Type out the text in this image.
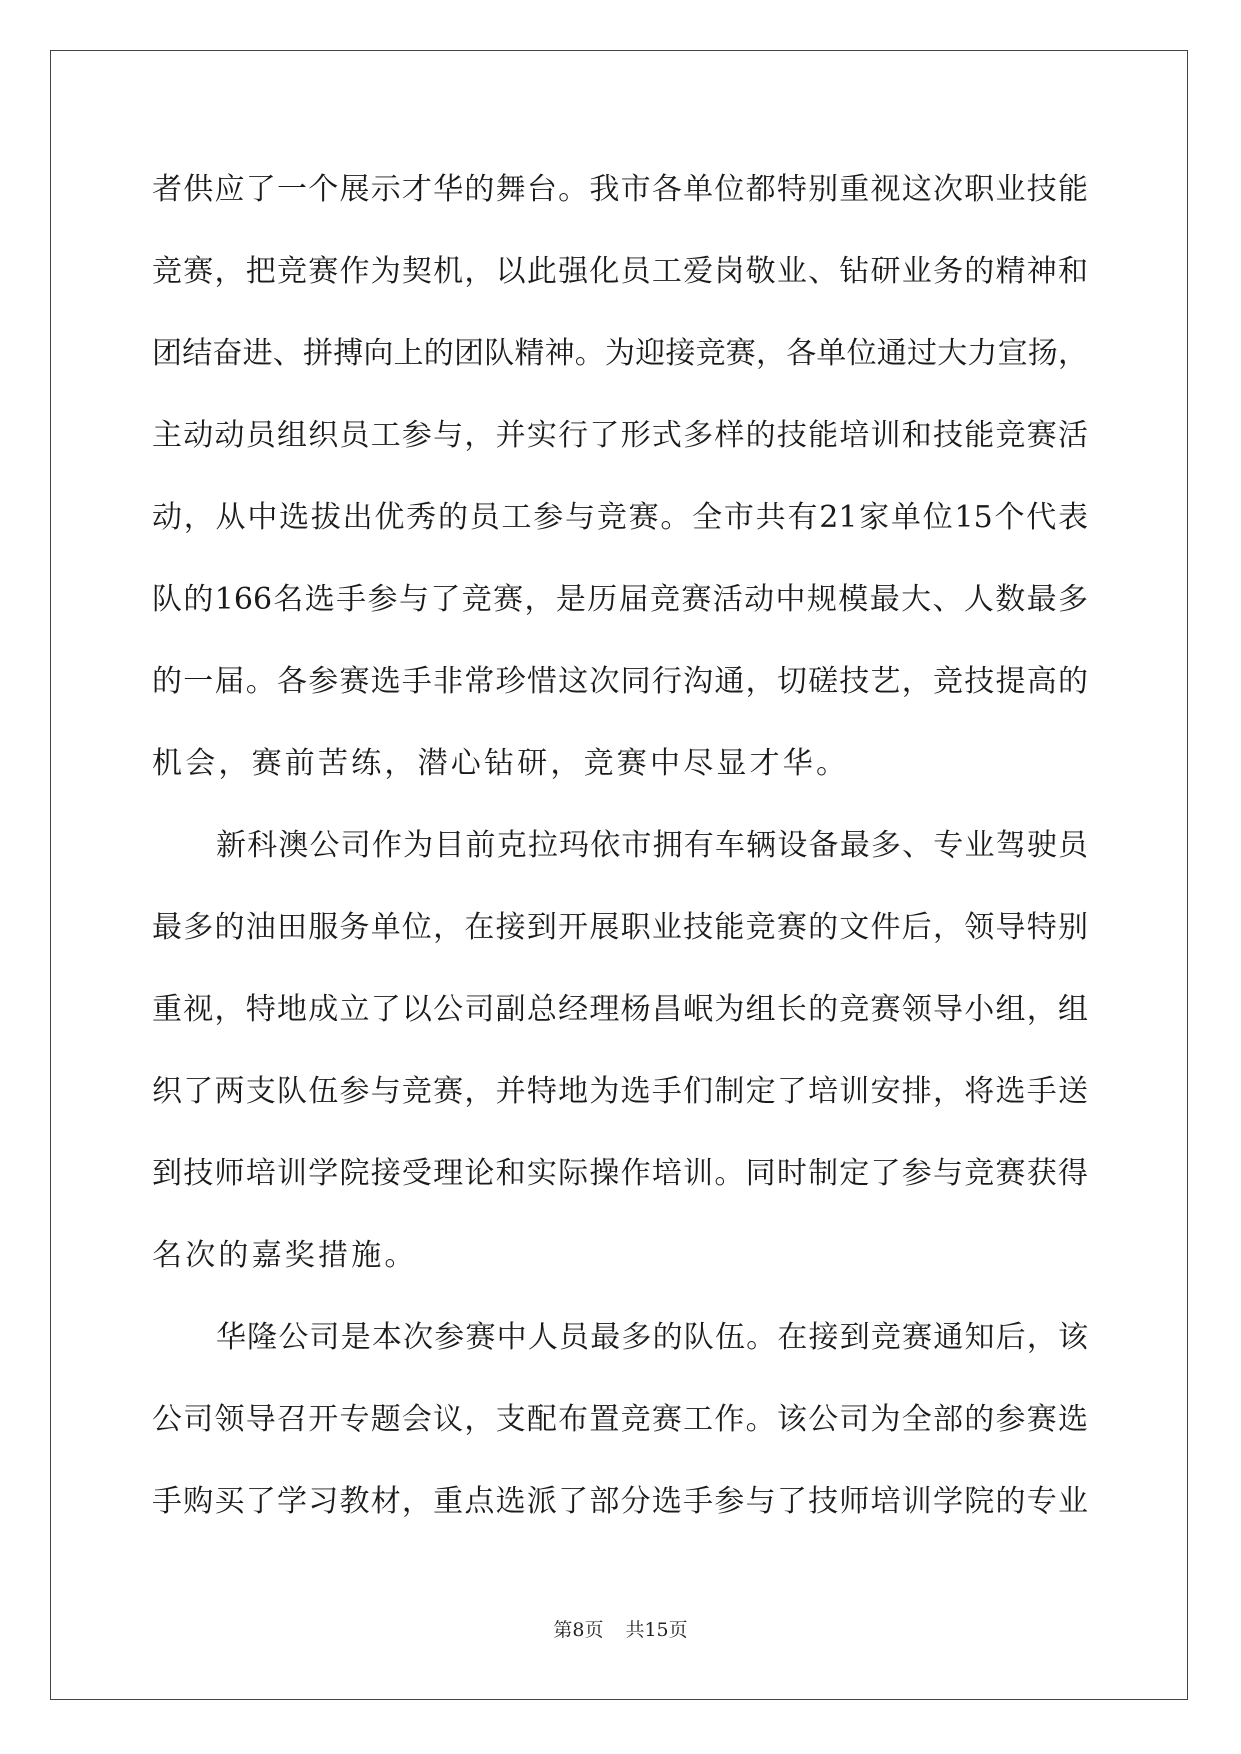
者供应了一个展示才华的舞台。我市各单位都特别重视这次职业技能
竞赛，把竞赛作为契机，以此强化员工爱岗敬业、钻研业务的精神和
团结奋进、拼搏向上的团队精神。为迎接竞赛，各单位通过大力宣扬，
主动动员组织员工参与，并实行了形式多样的技能培训和技能竞赛活
动，从中选拔出优秀的员工参与竞赛。全市共有21家单位15个代表
队的166名选手参与了竞赛，是历届竞赛活动中规模最大、人数最多
的一届。各参赛选手非常珍惜这次同行沟通，切磋技艺，竞技提高的
机会，赛前苦练，潜心钻研，竞赛中尽显才华。
新科澳公司作为目前克拉玛依市拥有车辆设备最多、专业驾驶员
最多的油田服务单位，在接到开展职业技能竞赛的文件后，领导特别
重视，特地成立了以公司副总经理杨昌岷为组长的竞赛领导小组，组
织了两支队伍参与竞赛，并特地为选手们制定了培训安排，将选手送
到技师培训学院接受理论和实际操作培训。同时制定了参与竞赛获得
名次的嘉奖措施。
华隆公司是本次参赛中人员最多的队伍。在接到竞赛通知后，该
公司领导召开专题会议，支配布置竞赛工作。该公司为全部的参赛选
手购买了学习教材，重点选派了部分选手参与了技师培训学院的专业
第8页 共15页
